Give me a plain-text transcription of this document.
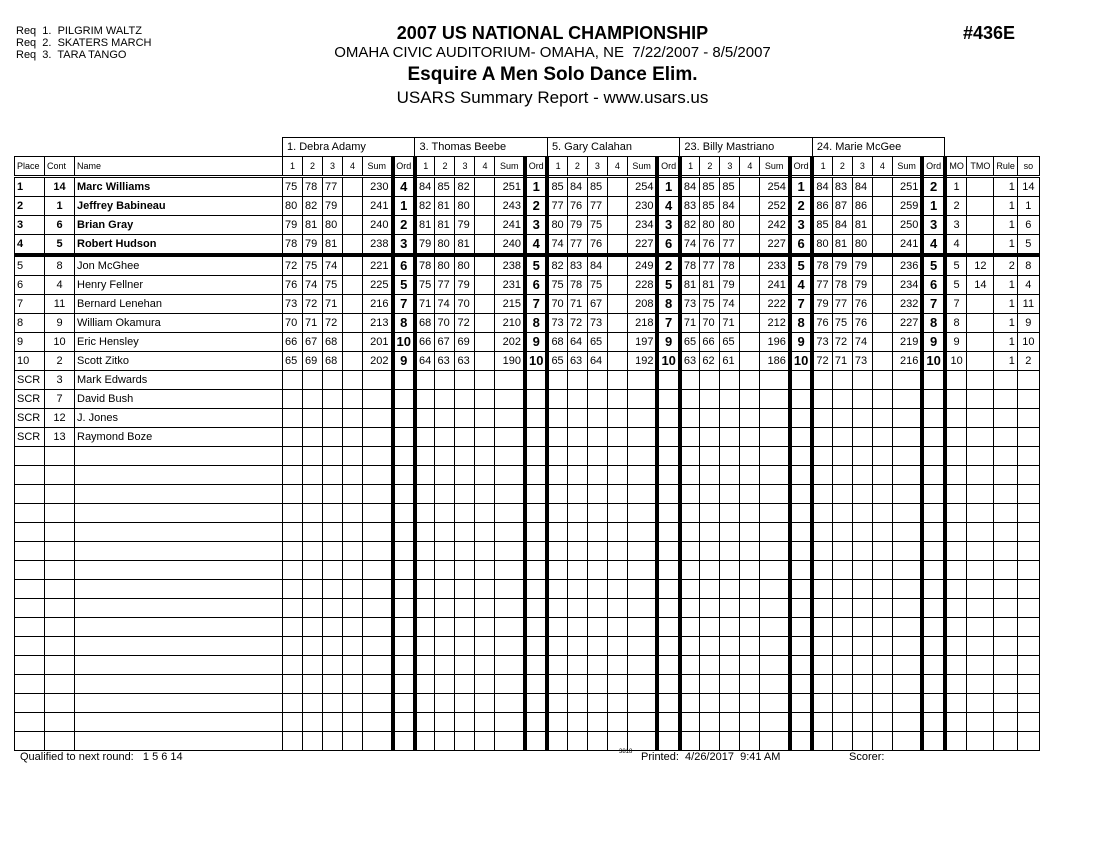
Req  1.  PILGRIM WALTZ
Req  2.  SKATERS MARCH
Req  3.  TARA TANGO
2007 US NATIONAL CHAMPIONSHIP
OMAHA CIVIC AUDITORIUM- OMAHA, NE  7/22/2007 - 8/5/2007
Esquire A Men Solo Dance Elim.
USARS Summary Report - www.usars.us
#436E
			1. Debra Adamy						3. Thomas Beebe						5. Gary Calahan						23. Billy Mastriano						24. Marie McGee									
Place	Cont	Name	1	2	3	4	Sum	Ord	1	2	3	4	Sum	Ord	1	2	3	4	Sum	Ord	1	2	3	4	Sum	Ord	1	2	3	4	Sum	Ord	MO	TMO	Rule	so
1	14	Marc Williams	75	78	77		230	4	84	85	82		251	1	85	84	85		254	1	84	85	85		254	1	84	83	84		251	2	1		1	14
2	1	Jeffrey Babineau	80	82	79		241	1	82	81	80		243	2	77	76	77		230	4	83	85	84		252	2	86	87	86		259	1	2		1	1
3	6	Brian Gray	79	81	80		240	2	81	81	79		241	3	80	79	75		234	3	82	80	80		242	3	85	84	81		250	3	3		1	6
4	5	Robert Hudson	78	79	81		238	3	79	80	81		240	4	74	77	76		227	6	74	76	77		227	6	80	81	80		241	4	4		1	5
5	8	Jon McGhee	72	75	74		221	6	78	80	80		238	5	82	83	84		249	2	78	77	78		233	5	78	79	79		236	5	5	12	2	8
6	4	Henry Fellner	76	74	75		225	5	75	77	79		231	6	75	78	75		228	5	81	81	79		241	4	77	78	79		234	6	5	14	1	4
7	11	Bernard Lenehan	73	72	71		216	7	71	74	70		215	7	70	71	67		208	8	73	75	74		222	7	79	77	76		232	7	7		1	11
8	9	William Okamura	70	71	72		213	8	68	70	72		210	8	73	72	73		218	7	71	70	71		212	8	76	75	76		227	8	8		1	9
9	10	Eric Hensley	66	67	68		201	10	66	67	69		202	9	68	64	65		197	9	65	66	65		196	9	73	72	74		219	9	9		1	10
10	2	Scott Zitko	65	69	68		202	9	64	63	63		190	10	65	63	64		192	10	63	62	61		186	10	72	71	73		216	10	10		1	2
SCR	3	Mark Edwards																																		
SCR	7	David Bush																																		
SCR	12	J. Jones																																		
SCR	13	Raymond Boze																																		

Qualified to next round:   1 5 6 14	3818 Printed:  4/26/2017  9:41 AM	Scorer:
